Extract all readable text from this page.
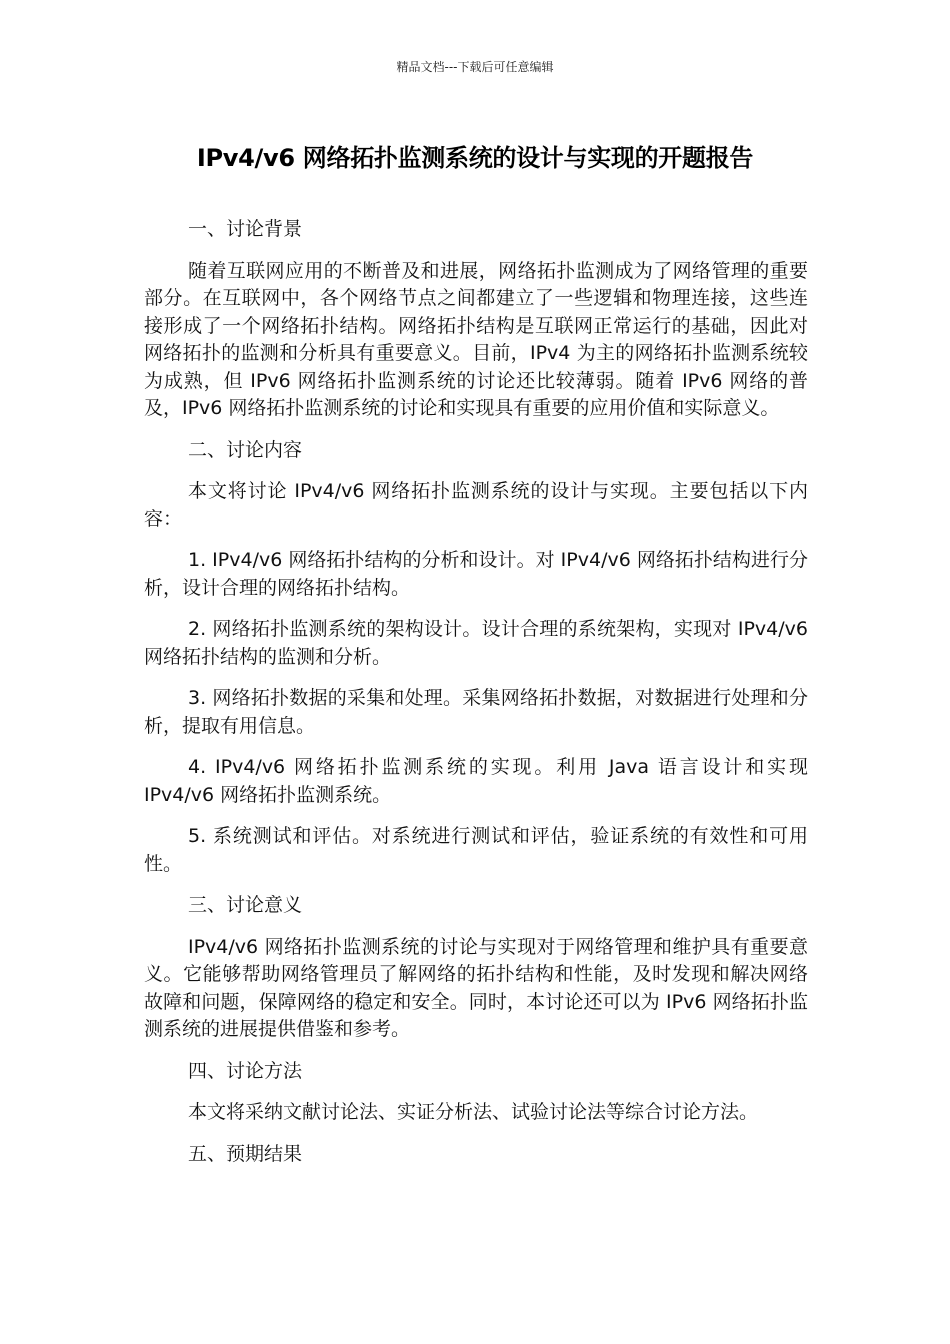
精品文档---下载后可任意编辑
IPv4/v6 网络拓扑监测系统的设计与实现的开题报告
一、讨论背景
随着互联网应用的不断普及和进展，网络拓扑监测成为了网络管理的重要部分。在互联网中，各个网络节点之间都建立了一些逻辑和物理连接，这些连接形成了一个网络拓扑结构。网络拓扑结构是互联网正常运行的基础，因此对网络拓扑的监测和分析具有重要意义。目前，IPv4 为主的网络拓扑监测系统较为成熟，但 IPv6 网络拓扑监测系统的讨论还比较薄弱。随着 IPv6 网络的普及，IPv6 网络拓扑监测系统的讨论和实现具有重要的应用价值和实际意义。
二、讨论内容
本文将讨论 IPv4/v6 网络拓扑监测系统的设计与实现。主要包括以下内容：
1. IPv4/v6 网络拓扑结构的分析和设计。对 IPv4/v6 网络拓扑结构进行分析，设计合理的网络拓扑结构。
2. 网络拓扑监测系统的架构设计。设计合理的系统架构，实现对 IPv4/v6 网络拓扑结构的监测和分析。
3. 网络拓扑数据的采集和处理。采集网络拓扑数据，对数据进行处理和分析，提取有用信息。
4. IPv4/v6 网络拓扑监测系统的实现。利用 Java 语言设计和实现 IPv4/v6 网络拓扑监测系统。
5. 系统测试和评估。对系统进行测试和评估，验证系统的有效性和可用性。
三、讨论意义
IPv4/v6 网络拓扑监测系统的讨论与实现对于网络管理和维护具有重要意义。它能够帮助网络管理员了解网络的拓扑结构和性能，及时发现和解决网络故障和问题，保障网络的稳定和安全。同时，本讨论还可以为 IPv6 网络拓扑监测系统的进展提供借鉴和参考。
四、讨论方法
本文将采纳文献讨论法、实证分析法、试验讨论法等综合讨论方法。
五、预期结果
